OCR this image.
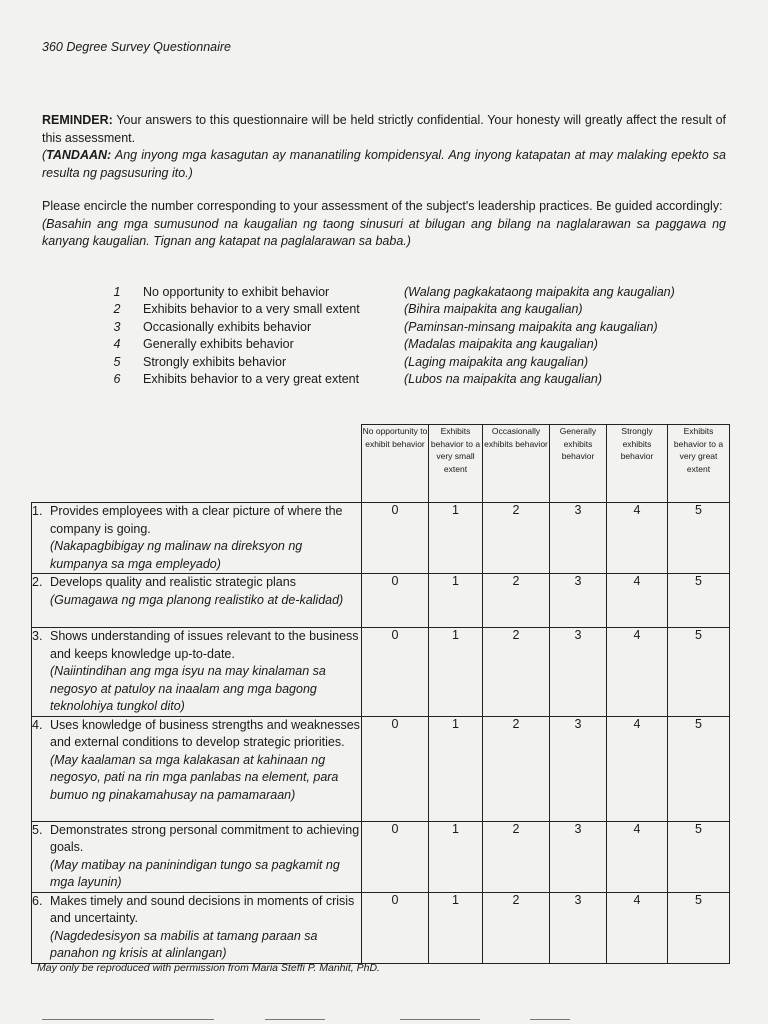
360 Degree Survey Questionnaire
REMINDER: Your answers to this questionnaire will be held strictly confidential. Your honesty will greatly affect the result of this assessment.
(TANDAAN: Ang inyong mga kasagutan ay mananatiling kompidensyal. Ang inyong katapatan at may malaking epekto sa resulta ng pagsusuring ito.)
Please encircle the number corresponding to your assessment of the subject's leadership practices. Be guided accordingly:
(Basahin ang mga sumusunod na kaugalian ng taong sinusuri at bilugan ang bilang na naglalarawan sa paggawa ng kanyang kaugalian. Tignan ang katapat na paglalarawan sa baba.)
1 No opportunity to exhibit behavior	(Walang pagkakataong maipakita ang kaugalian)
2 Exhibits behavior to a very small extent	(Bihira maipakita ang kaugalian)
3 Occasionally exhibits behavior	(Paminsan-minsang maipakita ang kaugalian)
4 Generally exhibits behavior	(Madalas maipakita ang kaugalian)
5 Strongly exhibits behavior	(Laging maipakita ang kaugalian)
6 Exhibits behavior to a very great extent	(Lubos na maipakita ang kaugalian)
	No opportunity to exhibit behavior	Exhibits behavior to a very small extent	Occasionally exhibits behavior	Generally exhibits behavior	Strongly exhibits behavior	Exhibits behavior to a very great extent

1. Provides employees with a clear picture of where the company is going.
(Nakapagbibigay ng malinaw na direksyon ng kumpanya sa mga empleyado)	0	1	2	3	4	5

2. Develops quality and realistic strategic plans
(Gumagawa ng mga planong realistiko at de-kalidad)	0	1	2	3	4	5

3. Shows understanding of issues relevant to the business and keeps knowledge up-to-date.
(Naiintindihan ang mga isyu na may kinalaman sa negosyo at patuloy na inaalam ang mga bagong teknolohiya tungkol dito)	0	1	2	3	4	5

4. Uses knowledge of business strengths and weaknesses and external conditions to develop strategic priorities.
(May kaalaman sa mga kalakasan at kahinaan ng negosyo, pati na rin mga panlabas na element, para bumuo ng pinakamahusay na pamamaraan)	0	1	2	3	4	5

5. Demonstrates strong personal commitment to achieving goals.
(May matibay na paninindigan tungo sa pagkamit ng mga layunin)	0	1	2	3	4	5

6. Makes timely and sound decisions in moments of crisis and uncertainty.
(Nagdedesisyon sa mabilis at tamang paraan sa panahon ng krisis at alinlangan)	0	1	2	3	4	5
May only be reproduced with permission from Maria Steffi P. Manhit, PhD.
